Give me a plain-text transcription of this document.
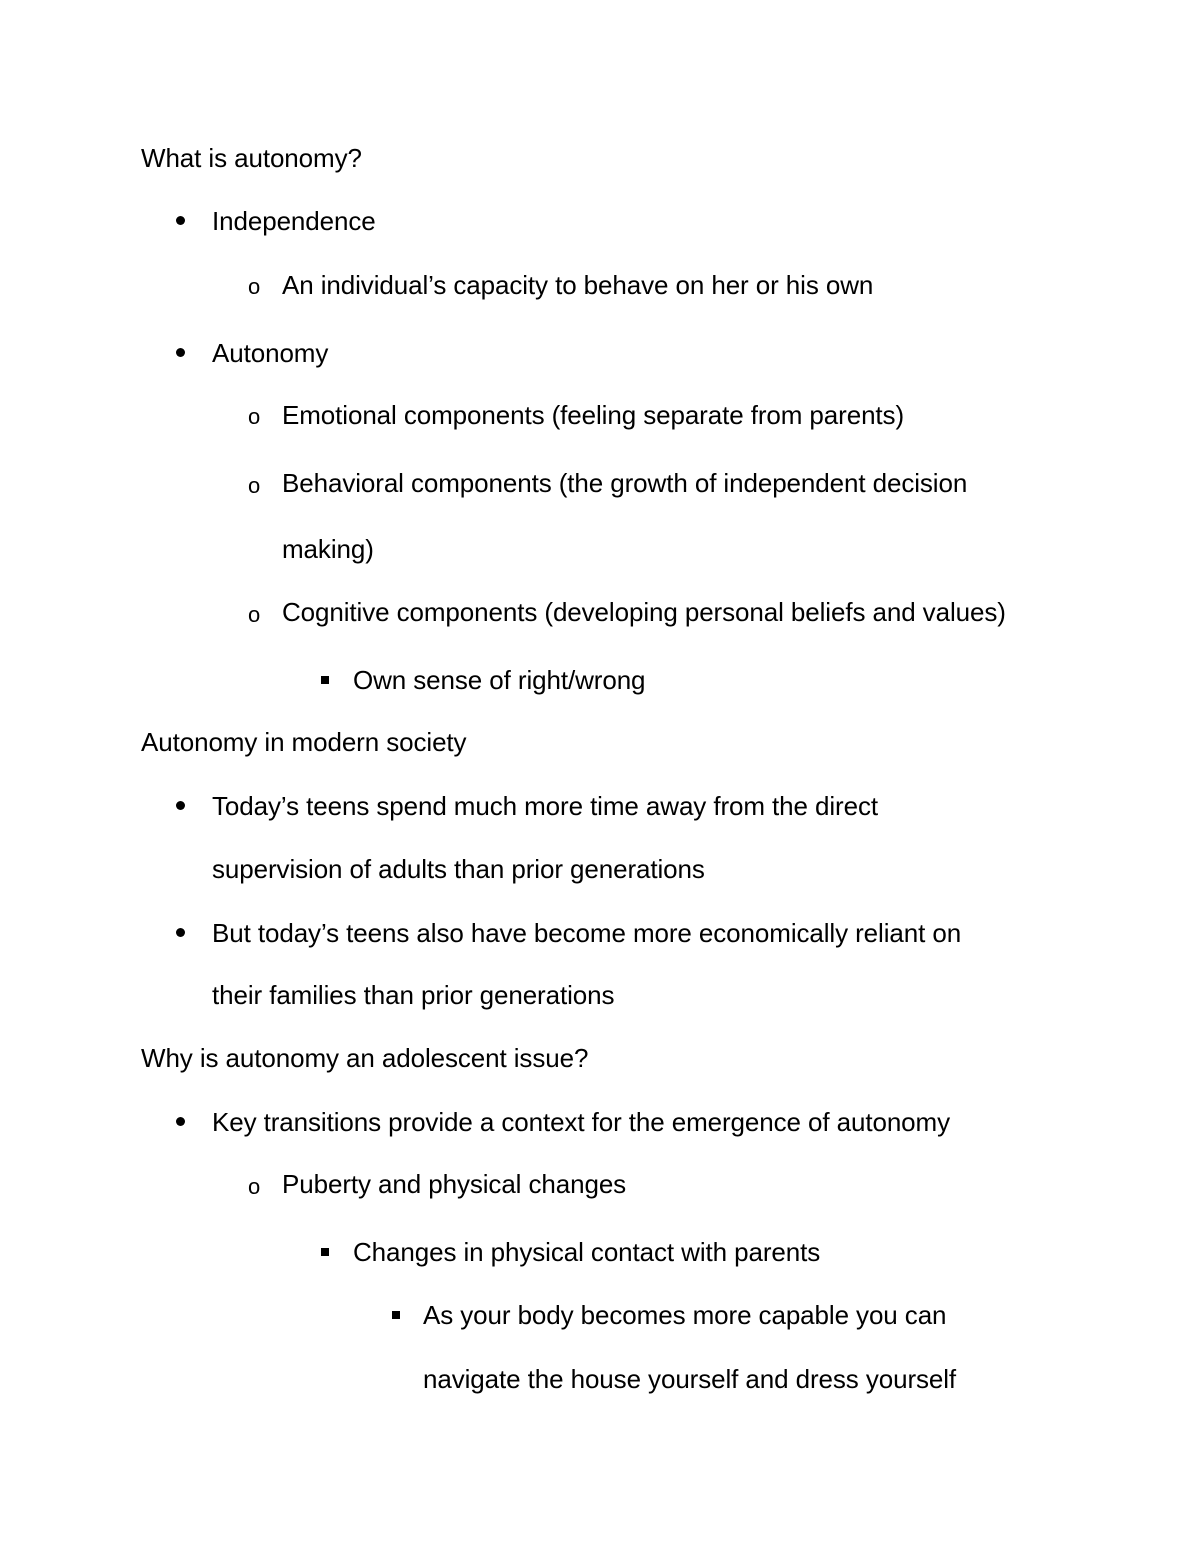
What is autonomy?
Independence
o An individual’s capacity to behave on her or his own
Autonomy
o Emotional components (feeling separate from parents)
o Behavioral components (the growth of independent decision
making)
o Cognitive components (developing personal beliefs and values)
Own sense of right/wrong
Autonomy in modern society
Today’s teens spend much more time away from the direct
supervision of adults than prior generations
But today’s teens also have become more economically reliant on
their families than prior generations
Why is autonomy an adolescent issue?
Key transitions provide a context for the emergence of autonomy
o Puberty and physical changes
Changes in physical contact with parents
As your body becomes more capable you can
navigate the house yourself and dress yourself
